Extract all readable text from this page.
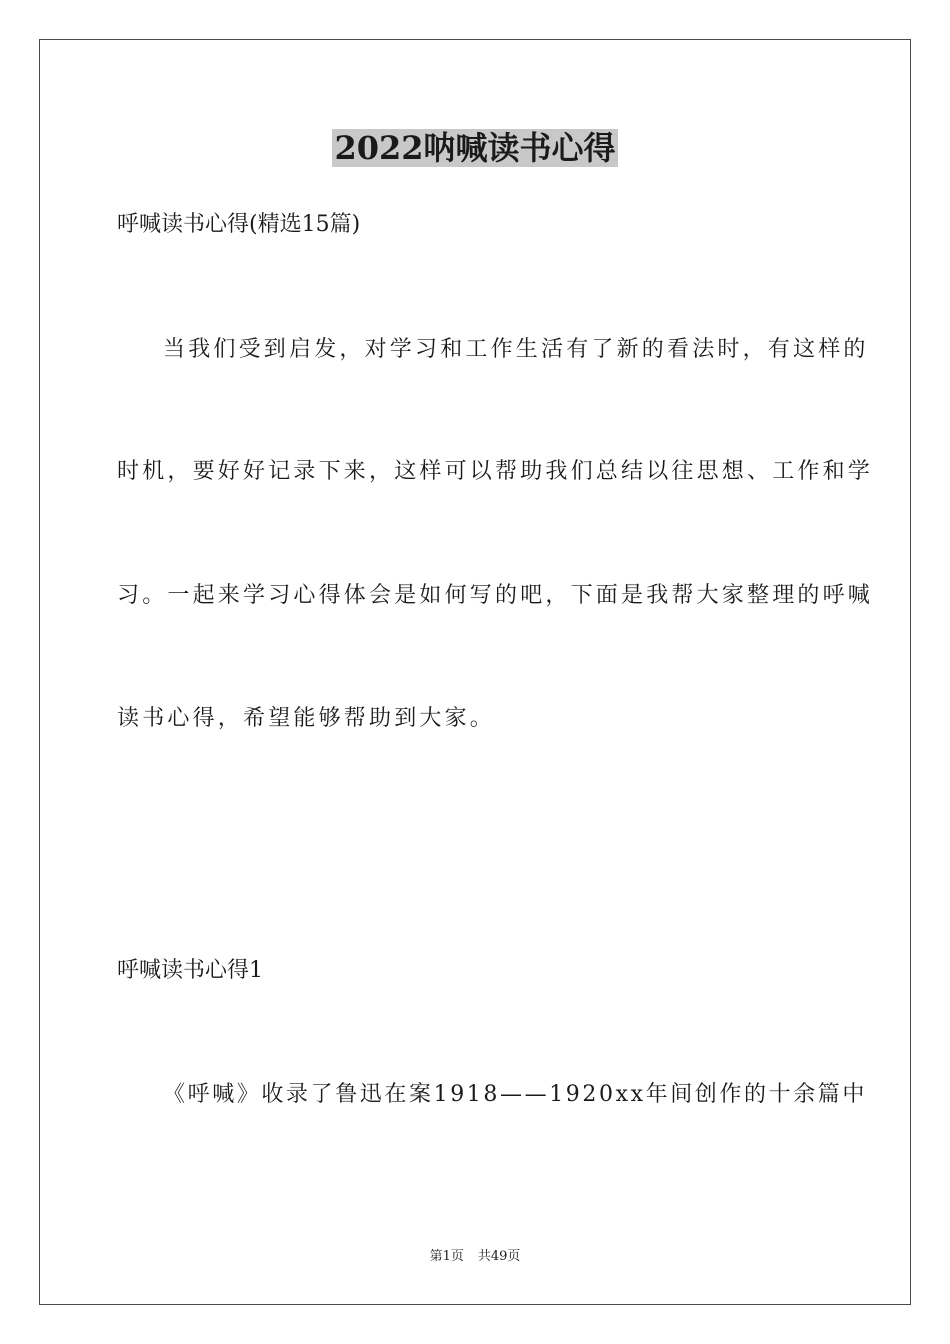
2022呐喊读书心得
呼喊读书心得(精选15篇)
当我们受到启发，对学习和工作生活有了新的看法时，有这样的
时机，要好好记录下来，这样可以帮助我们总结以往思想、工作和学
习。一起来学习心得体会是如何写的吧，下面是我帮大家整理的呼喊
读书心得，希望能够帮助到大家。
呼喊读书心得1
《呼喊》收录了鲁迅在案1918——1920xx年间创作的十余篇中
第1页 共49页
